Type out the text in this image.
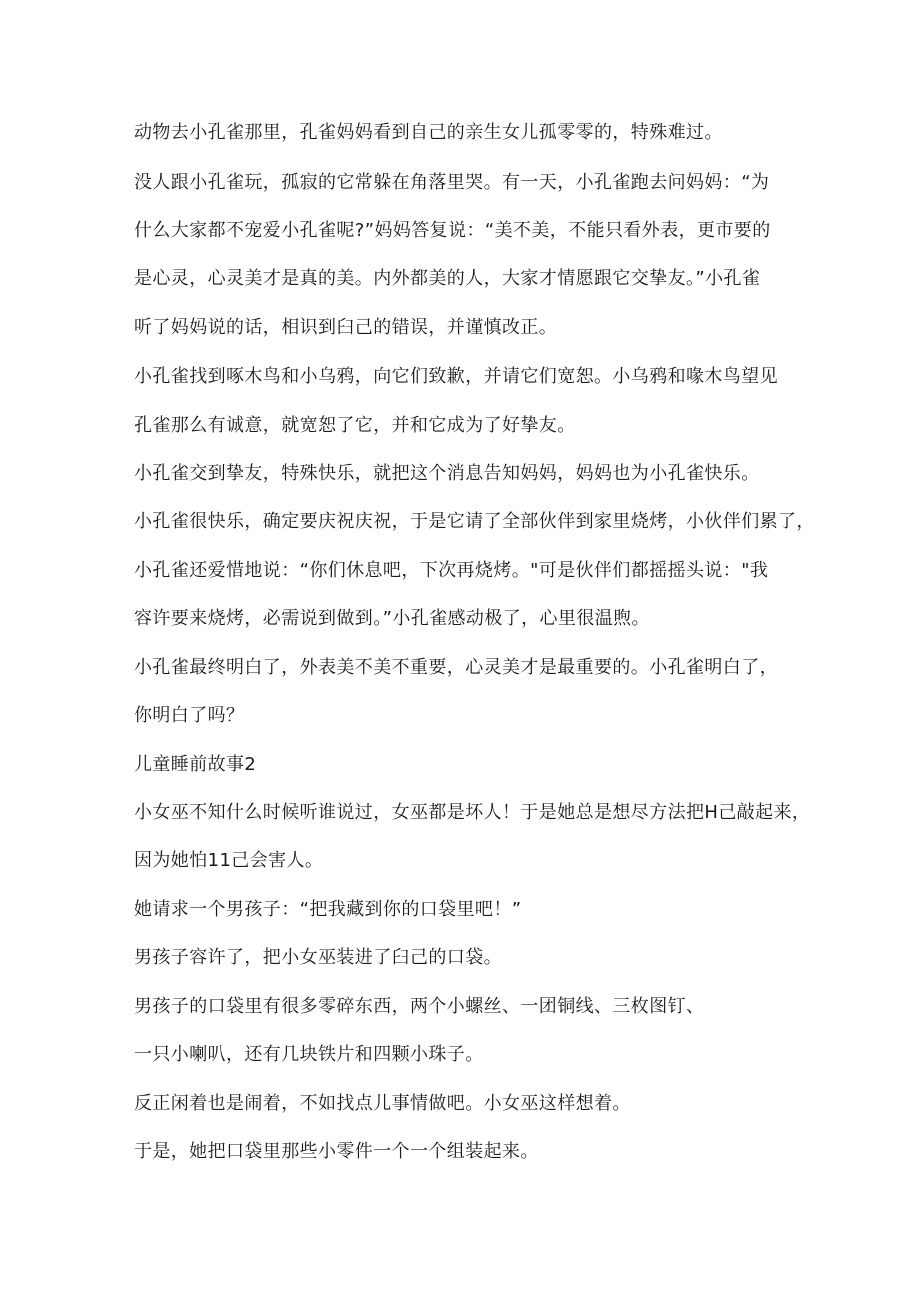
动物去小孔雀那里，孔雀妈妈看到自己的亲生女儿孤零零的，特殊难过。
没人跟小孔雀玩，孤寂的它常躲在角落里哭。有一天，小孔雀跑去问妈妈：“为
什么大家都不宠爱小孔雀呢?”妈妈答复说：“美不美，不能只看外表，更市要的
是心灵，心灵美才是真的美。内外都美的人，大家才情愿跟它交挚友。”小孔雀
听了妈妈说的话，相识到臼己的错误，并谨慎改正。
小孔雀找到啄木鸟和小乌鸦，向它们致歉，并请它们宽恕。小乌鸦和喙木鸟望见
孔雀那么有诚意，就宽恕了它，并和它成为了好挚友。
小孔雀交到挚友，特殊快乐，就把这个消息告知妈妈，妈妈也为小孔雀快乐。
小孔雀很快乐，确定要庆祝庆祝，于是它请了全部伙伴到家里烧烤，小伙伴们累了，
小孔雀还爱惜地说：“你们休息吧，下次再烧烤。"可是伙伴们都摇摇头说："我
容许要来烧烤，必需说到做到。”小孔雀感动极了，心里很温煦。
小孔雀最终明白了，外表美不美不重要，心灵美才是最重要的。小孔雀明白了，
你明白了吗？
儿童睡前故事2
小女巫不知什么时候听谁说过，女巫都是坏人！于是她总是想尽方法把H己敲起来，
因为她怕11己会害人。
她请求一个男孩子：“把我藏到你的口袋里吧！”
男孩子容许了，把小女巫装进了臼己的口袋。
男孩子的口袋里有很多零碎东西，两个小螺丝、一团铜线、三枚图钉、
一只小喇叭，还有几块铁片和四颗小珠子。
反正闲着也是闹着，不如找点儿事情做吧。小女巫这样想着。
于是，她把口袋里那些小零件一个一个组装起来。
